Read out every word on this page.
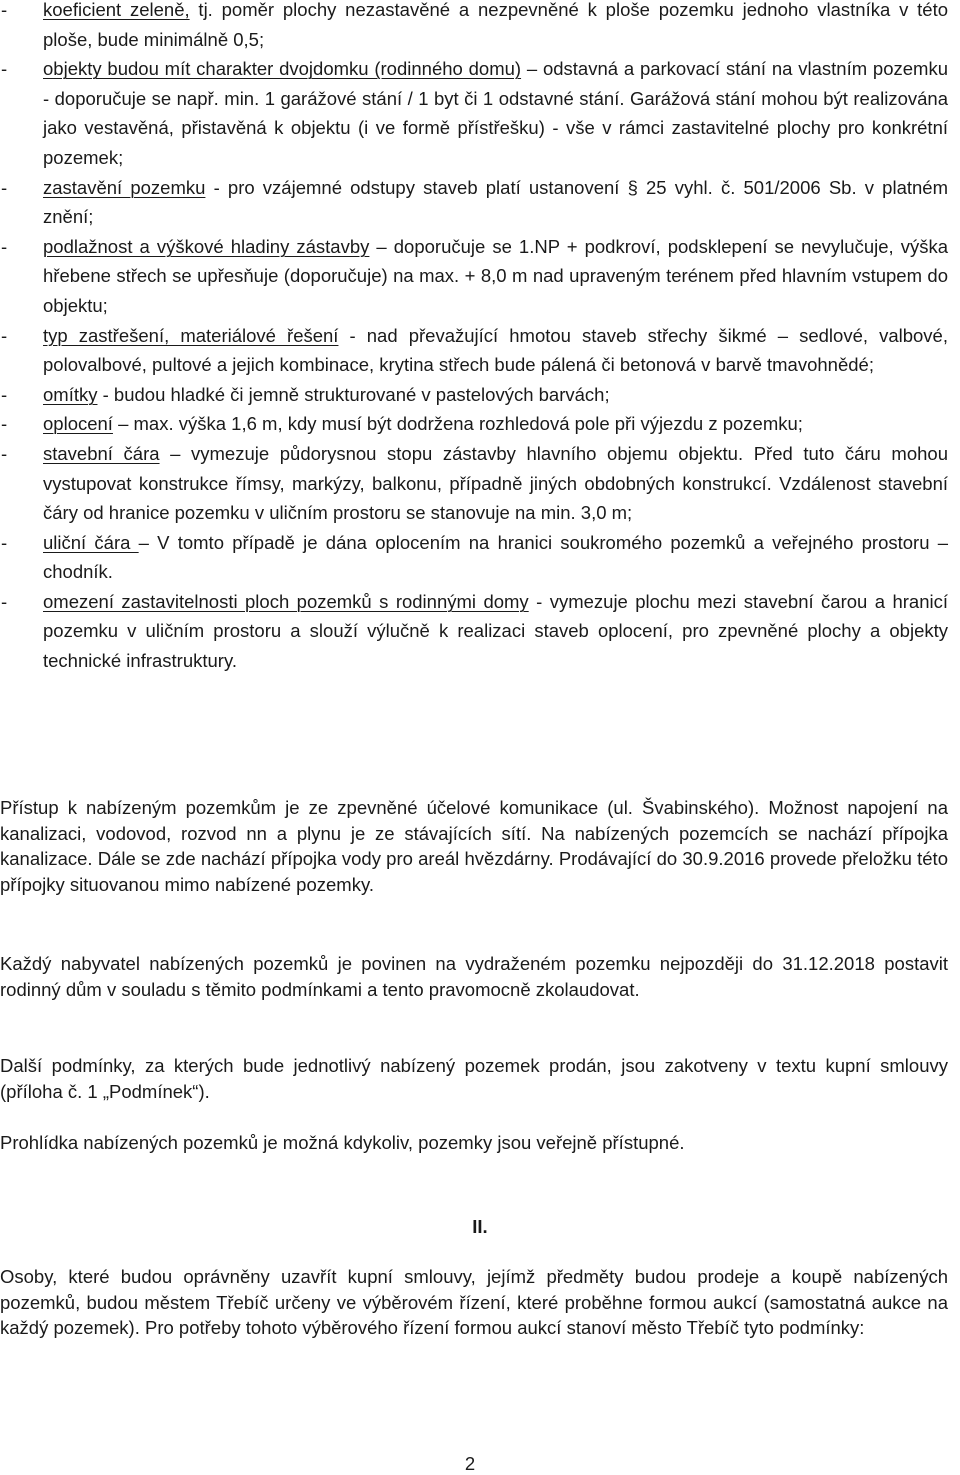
- koeficient zeleně, tj. poměr plochy nezastavěné a nezpevněné k ploše pozemku jednoho vlastníka v této ploše, bude minimálně 0,5;
- objekty budou mít charakter dvojdomku (rodinného domu) – odstavná a parkovací stání na vlastním pozemku - doporučuje se např. min. 1 garážové stání / 1 byt či 1 odstavné stání. Garážová stání mohou být realizována jako vestavěná, přistavěná k objektu (i ve formě přístřešku) - vše v rámci zastavitelné plochy pro konkrétní pozemek;
- zastavění pozemku - pro vzájemné odstupy staveb platí ustanovení § 25 vyhl. č. 501/2006 Sb. v platném znění;
- podlažnost a výškové hladiny zástavby – doporučuje se 1.NP + podkroví, podsklepení se nevylučuje, výška hřebene střech se upřesňuje (doporučuje) na max. + 8,0 m nad upraveným terénem před hlavním vstupem do objektu;
- typ zastřešení, materiálové řešení - nad převažující hmotou staveb střechy šikmé – sedlové, valbové, polovalbové, pultové a jejich kombinace, krytina střech bude pálená či betonová v barvě tmavohnědé;
- omítky - budou hladké či jemně strukturované v pastelových barvách;
- oplocení – max. výška 1,6 m, kdy musí být dodržena rozhledová pole při výjezdu z pozemku;
- stavební čára – vymezuje půdorysnou stopu zástavby hlavního objemu objektu. Před tuto čáru mohou vystupovat konstrukce římsy, markýzy, balkonu, případně jiných obdobných konstrukcí. Vzdálenost stavební čáry od hranice pozemku v uličním prostoru se stanovuje na min. 3,0 m;
- uliční čára – V tomto případě je dána oplocením na hranici soukromého pozemků a veřejného prostoru – chodník.
- omezení zastavitelnosti ploch pozemků s rodinnými domy - vymezuje plochu mezi stavební čarou a hranicí pozemku v uličním prostoru a slouží výlučně k realizaci staveb oplocení, pro zpevněné plochy a objekty technické infrastruktury.

Přístup k nabízeným pozemkům je ze zpevněné účelové komunikace (ul. Švabinského). Možnost napojení na kanalizaci, vodovod, rozvod nn a plynu je ze stávajících sítí. Na nabízených pozemcích se nachází přípojka kanalizace. Dále se zde nachází přípojka vody pro areál hvězdárny. Prodávající do 30.9.2016 provede přeložku této přípojky situovanou mimo nabízené pozemky.

Každý nabyvatel nabízených pozemků je povinen na vydraženém pozemku nejpozději do 31.12.2018 postavit rodinný dům v souladu s těmito podmínkami a tento pravomocně zkolaudovat.

Další podmínky, za kterých bude jednotlivý nabízený pozemek prodán, jsou zakotveny v textu kupní smlouvy (příloha č. 1 „Podmínek“).

Prohlídka nabízených pozemků je možná kdykoliv, pozemky jsou veřejně přístupné.

II.

Osoby, které budou oprávněny uzavřít kupní smlouvy, jejímž předměty budou prodeje a koupě nabízených pozemků, budou městem Třebíč určeny ve výběrovém řízení, které proběhne formou aukcí (samostatná aukce na každý pozemek). Pro potřeby tohoto výběrového řízení formou aukcí stanoví město Třebíč tyto podmínky:

2
